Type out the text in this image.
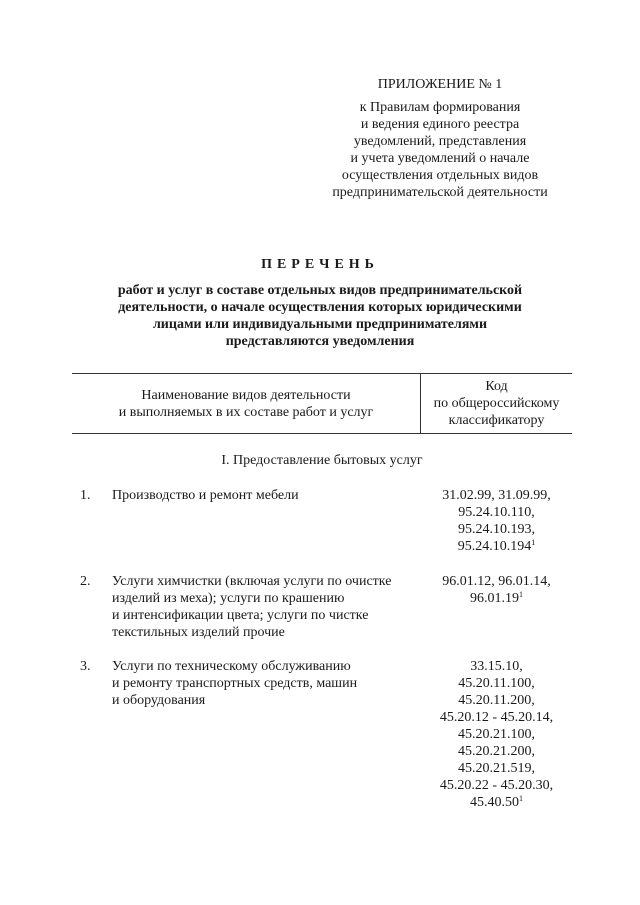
ПРИЛОЖЕНИЕ № 1
к Правилам формирования
и ведения единого реестра
уведомлений, представления
и учета уведомлений о начале
осуществления отдельных видов
предпринимательской деятельности
ПЕРЕЧЕНЬ
работ и услуг в составе отдельных видов предпринимательской
деятельности, о начале осуществления которых юридическими
лицами или индивидуальными предпринимателями
представляются уведомления
Наименование видов деятельности
и выполняемых в их составе работ и услуг
Код
по общероссийскому
классификатору
I. Предоставление бытовых услуг
1. Производство и ремонт мебели	31.02.99, 31.09.99,
95.24.10.110,
95.24.10.193,
95.24.10.194$^1$
2. Услуги химчистки (включая услуги по очистке
изделий из меха); услуги по крашению
и интенсификации цвета; услуги по чистке
текстильных изделий прочие
96.01.12, 96.01.14,
96.01.19$^1$
3. Услуги по техническому обслуживанию
и ремонту транспортных средств, машин
и оборудования
33.15.10,
45.20.11.100,
45.20.11.200,
45.20.12 - 45.20.14,
45.20.21.100,
45.20.21.200,
45.20.21.519,
45.20.22 - 45.20.30,
45.40.50$^1$
